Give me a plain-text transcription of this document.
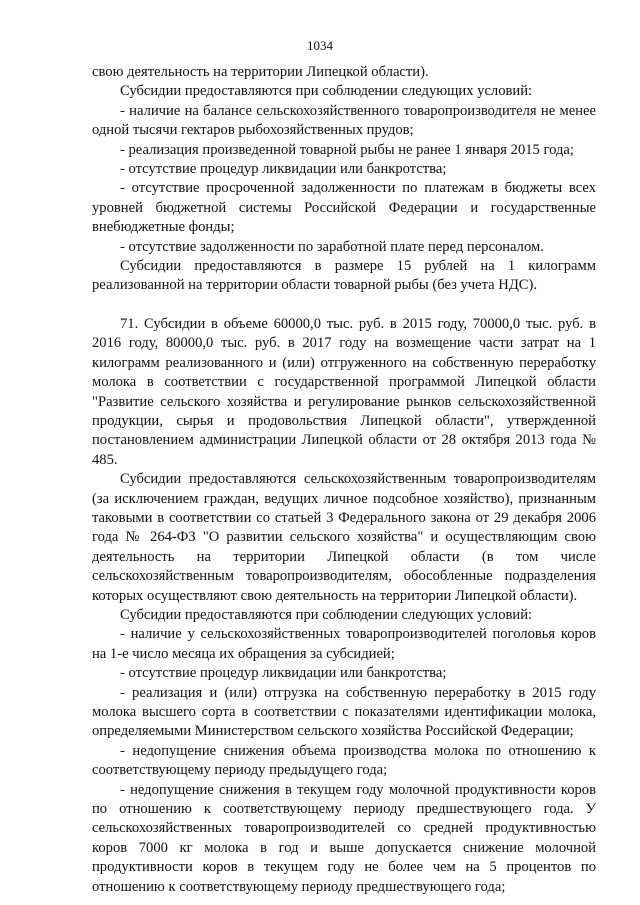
1034

свою деятельность на территории Липецкой области).

Субсидии предоставляются при соблюдении следующих условий:

- наличие на балансе сельскохозяйственного товаропроизводителя не менее одной тысячи гектаров рыбохозяйственных прудов;

- реализация произведенной товарной рыбы не ранее 1 января 2015 года;

- отсутствие процедур ликвидации или банкротства;

- отсутствие просроченной задолженности по платежам в бюджеты всех уровней бюджетной системы Российской Федерации и государственные внебюджетные фонды;

- отсутствие задолженности по заработной плате перед персоналом.

Субсидии предоставляются в размере 15 рублей на 1 килограмм реализованной на территории области товарной рыбы (без учета НДС).

71. Субсидии в объеме 60000,0 тыс. руб. в 2015 году, 70000,0 тыс. руб. в 2016 году, 80000,0 тыс. руб. в 2017 году на возмещение части затрат на 1 килограмм реализованного и (или) отгруженного на собственную переработку молока в соответствии с государственной программой Липецкой области "Развитие сельского хозяйства и регулирование рынков сельскохозяйственной продукции, сырья и продовольствия Липецкой области", утвержденной постановлением администрации Липецкой области от 28 октября 2013 года № 485.

Субсидии предоставляются сельскохозяйственным товаропроизводителям (за исключением граждан, ведущих личное подсобное хозяйство), признанным таковыми в соответствии со статьей 3 Федерального закона от 29 декабря 2006 года № 264-ФЗ "О развитии сельского хозяйства" и осуществляющим свою деятельность на территории Липецкой области (в том числе сельскохозяйственным товаропроизводителям, обособленные подразделения которых осуществляют свою деятельность на территории Липецкой области).

Субсидии предоставляются при соблюдении следующих условий:

- наличие у сельскохозяйственных товаропроизводителей поголовья коров на 1-е число месяца их обращения за субсидией;

- отсутствие процедур ликвидации или банкротства;

- реализация и (или) отгрузка на собственную переработку в 2015 году молока высшего сорта в соответствии с показателями идентификации молока, определяемыми Министерством сельского хозяйства Российской Федерации;

- недопущение снижения объема производства молока по отношению к соответствующему периоду предыдущего года;

- недопущение снижения в текущем году молочной продуктивности коров по отношению к соответствующему периоду предшествующего года. У сельскохозяйственных товаропроизводителей со средней продуктивностью коров 7000 кг молока в год и выше допускается снижение молочной продуктивности коров в текущем году не более чем на 5 процентов по отношению к соответствующему периоду предшествующего года;
